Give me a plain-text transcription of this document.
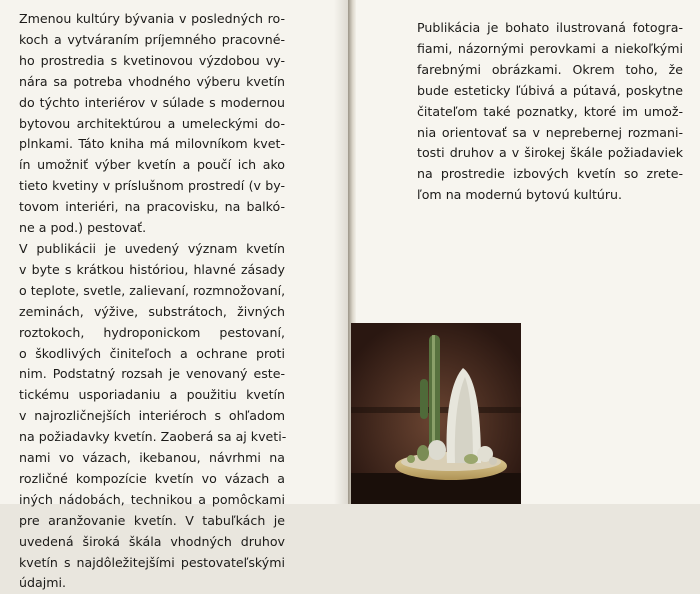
Zmenou kultúry bývania v posledných ro-
koch a vytváraním príjemného pracovné-
ho prostredia s kvetinovou výzdobou vy-
nára sa potreba vhodného výberu kvetín
do týchto interiérov v súlade s modernou
bytovou architektúrou a umeleckými do-
plnkami. Táto kniha má milovníkom kvet-
ín umožniť výber kvetín a poučí ich ako
tieto kvetiny v príslušnom prostredí (v by-
tovom interiéri, na pracovisku, na balkó-
ne a pod.) pestovať.
V publikácii je uvedený význam kvetín
v byte s krátkou históriou, hlavné zásady
o teplote, svetle, zalievaní, rozmnožovaní,
zeminách, výžive, substrátoch, živných
roztokoch, hydroponickom pestovaní,
o škodlivých činiteľoch a ochrane proti
nim. Podstatný rozsah je venovaný este-
tickému usporiadaniu a použitiu kvetín
v najrozličnejších interiéroch s ohľadom
na požiadavky kvetín. Zaoberá sa aj kveti-
nami vo vázach, ikebanou, návrhmi na
rozličné kompozície kvetín vo vázach a
iných nádobách, technikou a pomôckami
pre aranžovanie kvetín. V tabuľkách je
uvedená široká škála vhodných druhov
kvetín s najdôležitejšími pestovateľskými
údajmi.

Publikácia je bohato ilustrovaná fotogra-
fiami, názornými perovkami a niekoľkými
farebnými obrázkami. Okrem toho, že
bude esteticky ľúbivá a pútavá, poskytne
čitateľom také poznatky, ktoré im umož-
nia orientovať sa v neprebernej rozmani-
tosti druhov a v širokej škále požiadaviek
na prostredie izbových kvetín so zrete-
ľom na modernú bytovú kultúru.
